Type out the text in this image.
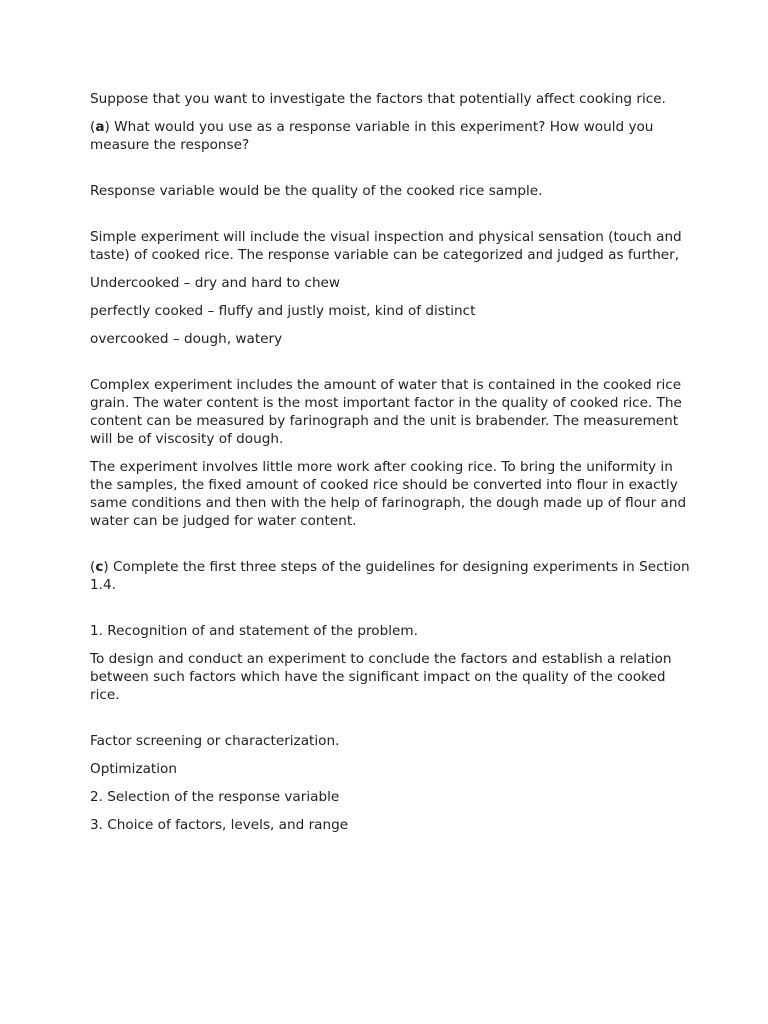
Suppose that you want to investigate the factors that potentially affect cooking rice.

(a) What would you use as a response variable in this experiment? How would you measure the response?

Response variable would be the quality of the cooked rice sample.

Simple experiment will include the visual inspection and physical sensation (touch and taste) of cooked rice. The response variable can be categorized and judged as further,

Undercooked – dry and hard to chew

perfectly cooked – fluffy and justly moist, kind of distinct

overcooked – dough, watery

Complex experiment includes the amount of water that is contained in the cooked rice grain. The water content is the most important factor in the quality of cooked rice. The content can be measured by farinograph and the unit is brabender. The measurement will be of viscosity of dough.

The experiment involves little more work after cooking rice. To bring the uniformity in the samples, the fixed amount of cooked rice should be converted into flour in exactly same conditions and then with the help of farinograph, the dough made up of flour and water can be judged for water content.

(c) Complete the first three steps of the guidelines for designing experiments in Section 1.4.

1. Recognition of and statement of the problem.

To design and conduct an experiment to conclude the factors and establish a relation between such factors which have the significant impact on the quality of the cooked rice.

Factor screening or characterization.

Optimization

2. Selection of the response variable

3. Choice of factors, levels, and range
